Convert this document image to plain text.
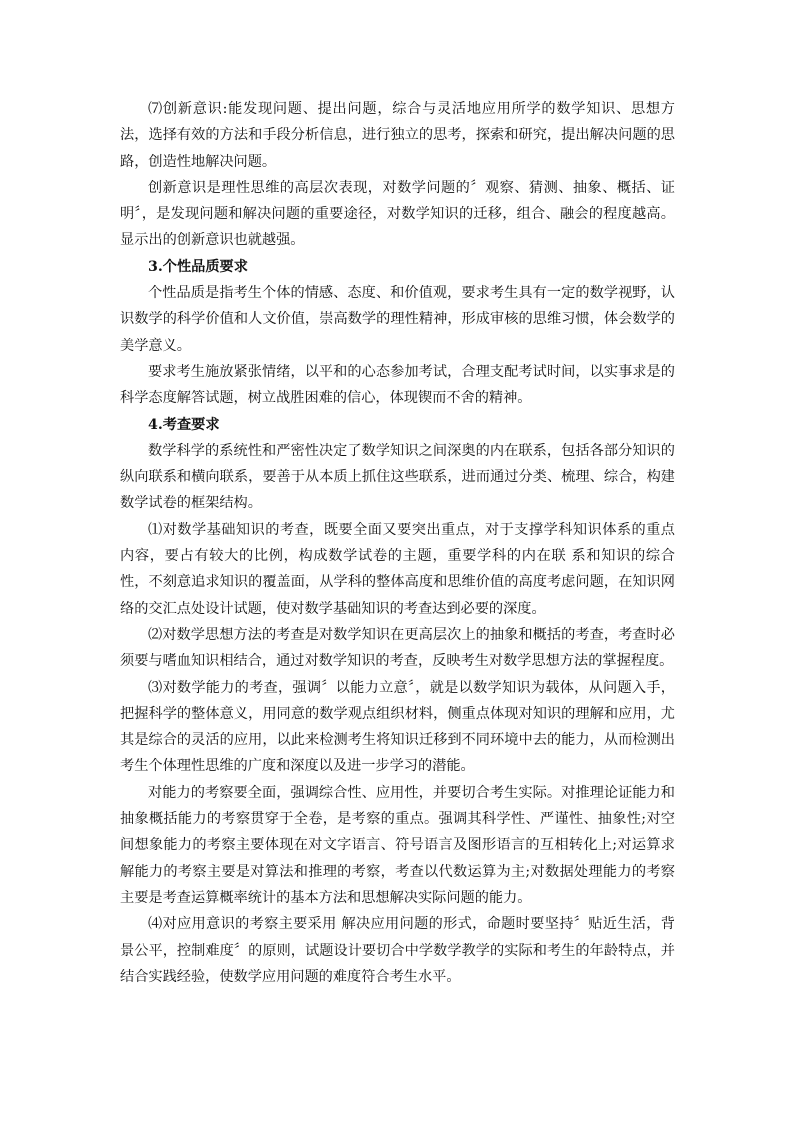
⑺创新意识:能发现问题、提出问题，综合与灵活地应用所学的数学知识、思想方法，选择有效的方法和手段分析信息，进行独立的思考，探索和研究，提出解决问题的思路，创造性地解决问题。

创新意识是理性思维的高层次表现，对数学问题的〞观察、猜测、抽象、概括、证明〞，是发现问题和解决问题的重要途径，对数学知识的迁移，组合、融会的程度越高。显示出的创新意识也就越强。

3.个性品质要求

个性品质是指考生个体的情感、态度、和价值观，要求考生具有一定的数学视野，认识数学的科学价值和人文价值，崇高数学的理性精神，形成审核的思维习惯，体会数学的美学意义。

要求考生施放紧张情绪，以平和的心态参加考试，合理支配考试时间，以实事求是的科学态度解答试题，树立战胜困难的信心，体现锲而不舍的精神。

4.考查要求

数学科学的系统性和严密性决定了数学知识之间深奥的内在联系，包括各部分知识的纵向联系和横向联系，要善于从本质上抓住这些联系，进而通过分类、梳理、综合，构建数学试卷的框架结构。

⑴对数学基础知识的考查，既要全面又要突出重点，对于支撑学科知识体系的重点 内容，要占有较大的比例，构成数学试卷的主题，重要学科的内在联 系和知识的综合性，不刻意追求知识的覆盖面，从学科的整体高度和思维价值的高度考虑问题，在知识网络的交汇点处设计试题，使对数学基础知识的考查达到必要的深度。

⑵对数学思想方法的考查是对数学知识在更高层次上的抽象和概括的考查，考查时必须要与嗜血知识相结合，通过对数学知识的考查，反映考生对数学思想方法的掌握程度。

⑶对数学能力的考查，强调〞以能力立意〞，就是以数学知识为载体，从问题入手，把握科学的整体意义，用同意的数学观点组织材料，侧重点体现对知识的理解和应用，尤其是综合的灵活的应用，以此来检测考生将知识迁移到不同环境中去的能力，从而检测出考生个体理性思维的广度和深度以及进一步学习的潜能。

对能力的考察要全面，强调综合性、应用性，并要切合考生实际。对推理论证能力和抽象概括能力的考察贯穿于全卷，是考察的重点。强调其科学性、严谨性、抽象性;对空间想象能力的考察主要体现在对文字语言、符号语言及图形语言的互相转化上;对运算求解能力的考察主要是对算法和推理的考察，考查以代数运算为主;对数据处理能力的考察主要是考查运算概率统计的基本方法和思想解决实际问题的能力。

⑷对应用意识的考察主要采用 解决应用问题的形式，命题时要坚持〞贴近生活，背景公平，控制难度〞的原则，试题设计要切合中学数学教学的实际和考生的年龄特点，并结合实践经验，使数学应用问题的难度符合考生水平。
